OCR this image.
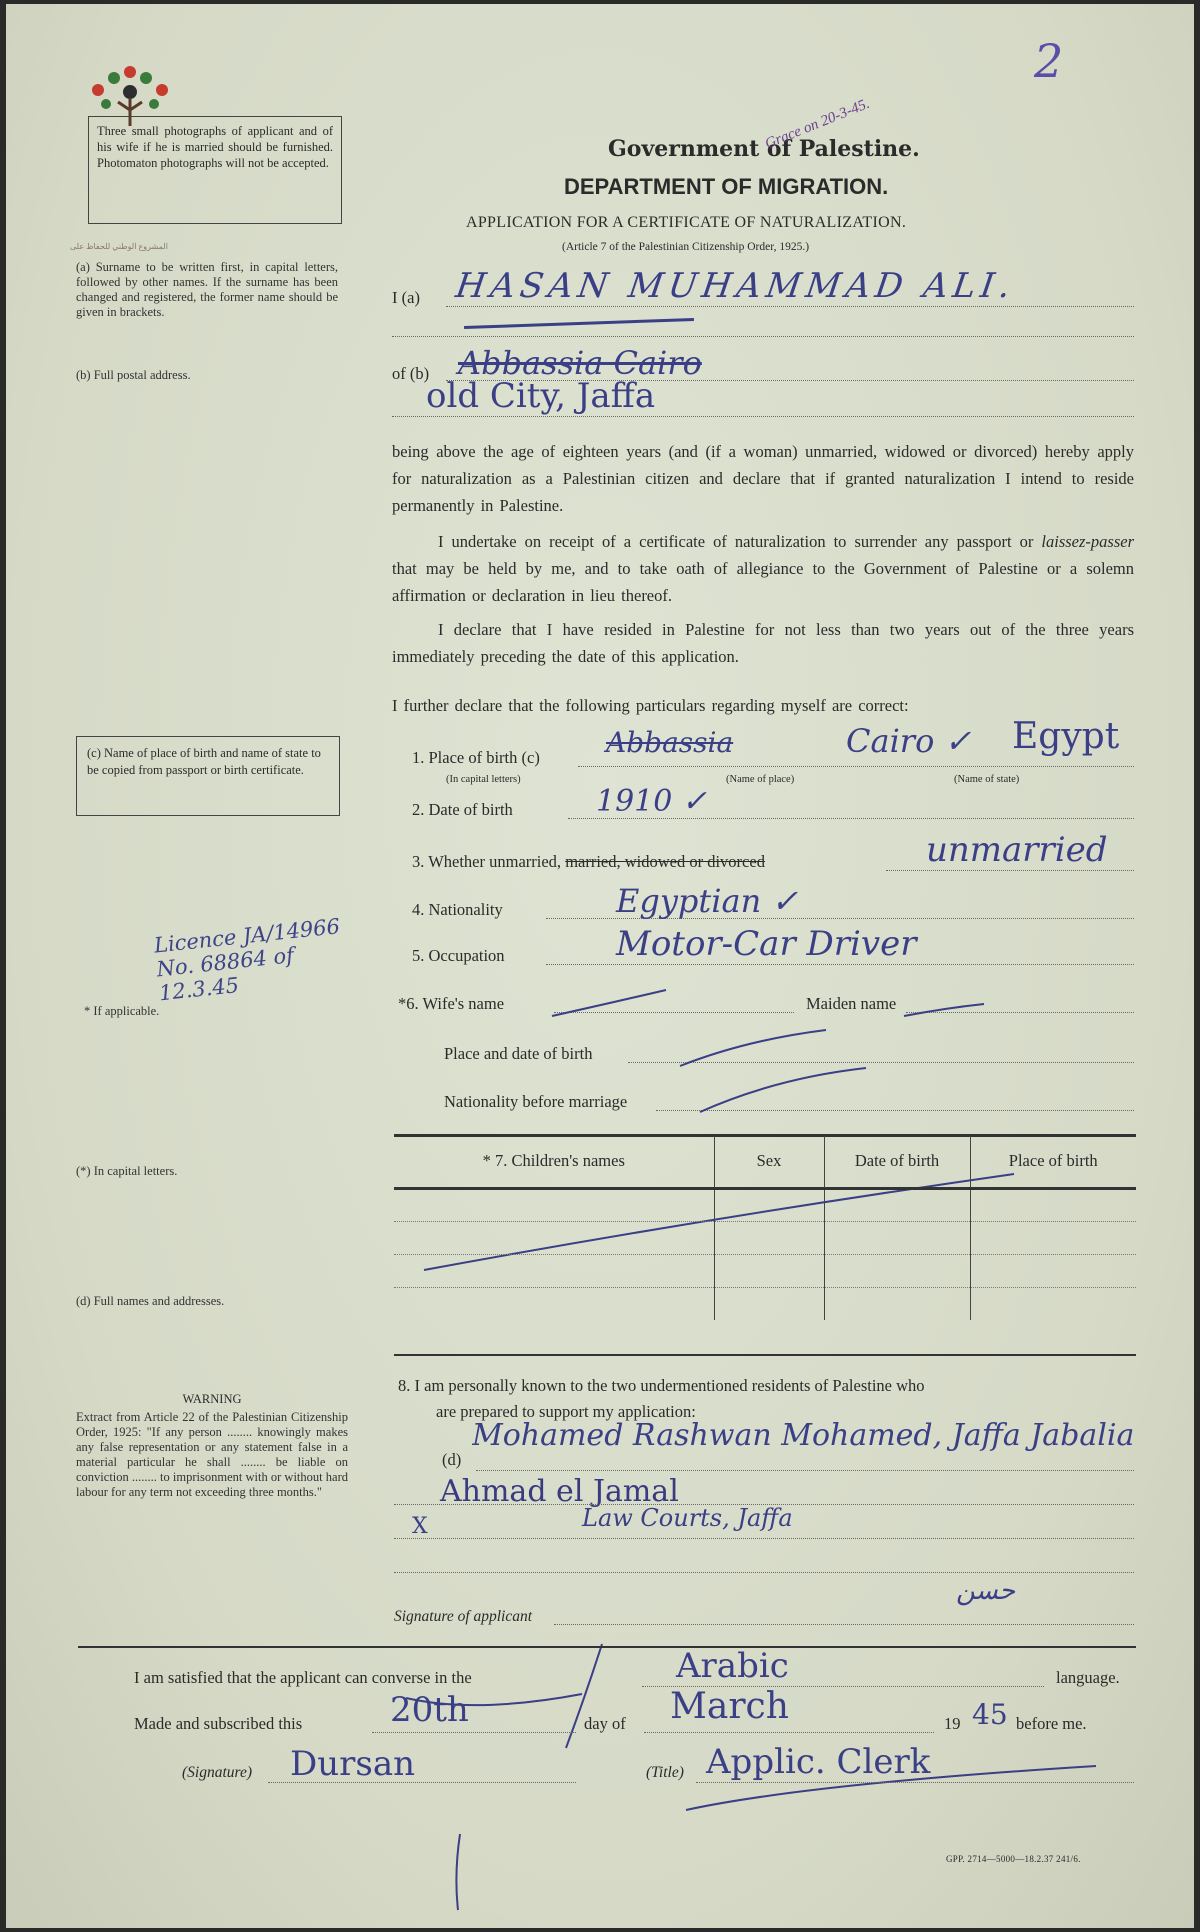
المشروع الوطني للحفاظ على
Three small photographs of applicant and of his wife if he is married should be furnished. Photomaton photographs will not be accepted.
Government of Palestine.
Grace on 20-3-45.
2
DEPARTMENT OF MIGRATION.
APPLICATION FOR A CERTIFICATE OF NATURALIZATION.
(Article 7 of the Palestinian Citizenship Order, 1925.)
(a) Surname to be written first, in capital letters, followed by other names. If the surname has been changed and registered, the former name should be given in brackets.
(b) Full postal address.
(c) Name of place of birth and name of state to be copied from passport or birth certificate.
Licence JA/14966 No. 68864 of 12.3.45
* If applicable.
(*) In capital letters.
(d) Full names and addresses.
WARNING
Extract from Article 22 of the Palestinian Citizenship Order, 1925: "If any person ........ knowingly makes any false representation or any statement false in a material particular he shall ........ be liable on conviction ........ to imprisonment with or without hard labour for any term not exceeding three months."
I (a) HASAN MUHAMMAD ALI.
of (b) Abbassia Cairo
old City, Jaffa
being above the age of eighteen years (and (if a woman) unmarried, widowed or divorced) hereby apply for naturalization as a Palestinian citizen and declare that if granted naturalization I intend to reside permanently in Palestine.
I undertake on receipt of a certificate of naturalization to surrender any passport or laissez-passer that may be held by me, and to take oath of allegiance to the Government of Palestine or a solemn affirmation or declaration in lieu thereof.
I declare that I have resided in Palestine for not less than two years out of the three years immediately preceding the date of this application.
I further declare that the following particulars regarding myself are correct:
1. Place of birth (c)
(In capital letters)	(Name of place)	(Name of state)
Abbassia	Cairo ✓ Egypt
2. Date of birth	1910 ✓
3. Whether unmarried, married, widowed or divorced	unmarried
4. Nationality	Egyptian ✓
5. Occupation	Motor-Car Driver
*6. Wife's name	Maiden name
Place and date of birth
Nationality before marriage
* 7. Children's names	Sex	Date of birth	Place of birth

8. I am personally known to the two undermentioned residents of Palestine who
are prepared to support my application:
(d)
Mohamed Rashwan Mohamed, Jaffa Jabalia
Ahmad el Jamal
X	Law Courts, Jaffa
حسن
Signature of applicant
I am satisfied that the applicant can converse in the	Arabic	language.
Made and subscribed this	20th	day of March	19 45 before me.
(Signature) Dursan	(Title) Applic. Clerk
GPP. 2714—5000—18.2.37 241/6.
